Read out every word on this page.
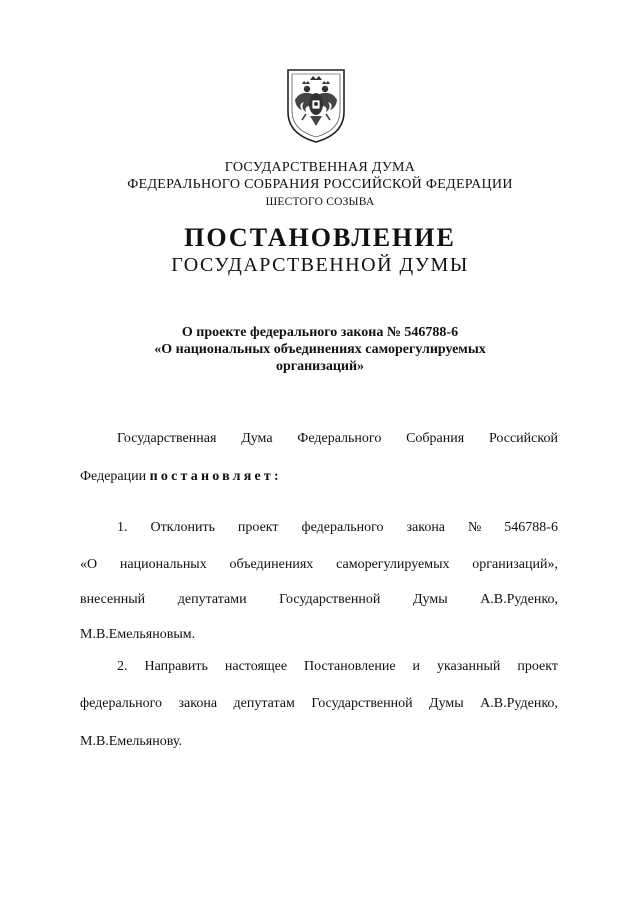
ГОСУДАРСТВЕННАЯ ДУМА
ФЕДЕРАЛЬНОГО СОБРАНИЯ РОССИЙСКОЙ ФЕДЕРАЦИИ
ШЕСТОГО СОЗЫВА
ПОСТАНОВЛЕНИЕ
ГОСУДАРСТВЕННОЙ ДУМЫ
О проекте федерального закона № 546788-6
«О национальных объединениях саморегулируемых
организаций»
Государственная Дума Федерального Собрания Российской
Федерации постановляет:
1. Отклонить проект федерального закона № 546788-6
«О национальных объединениях саморегулируемых организаций»,
внесенный депутатами Государственной Думы А.В.Руденко,
М.В.Емельяновым.
2. Направить настоящее Постановление и указанный проект
федерального закона депутатам Государственной Думы А.В.Руденко,
М.В.Емельянову.
